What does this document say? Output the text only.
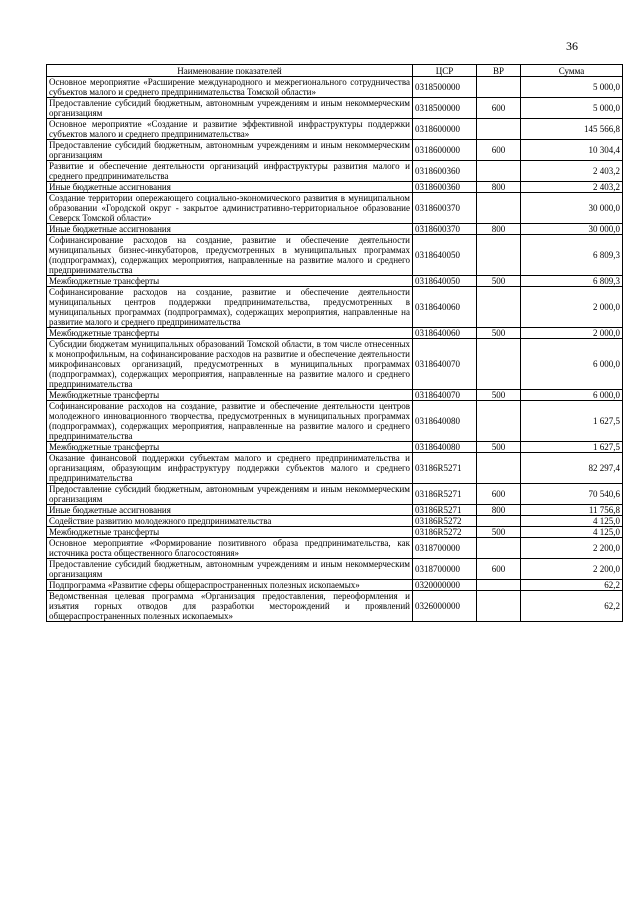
36
Наименование показателей	ЦСР	ВР	Сумма
Основное мероприятие «Расширение международного и межрегионального сотрудничества субъектов малого и среднего предпринимательства Томской области»	0318500000		5 000,0
Предоставление субсидий бюджетным, автономным учреждениям и иным некоммерческим организациям	0318500000	600	5 000,0
Основное мероприятие «Создание и развитие эффективной инфраструктуры поддержки субъектов малого и среднего предпринимательства»	0318600000		145 566,8
Предоставление субсидий бюджетным, автономным учреждениям и иным некоммерческим организациям	0318600000	600	10 304,4
Развитие и обеспечение деятельности организаций инфраструктуры развития малого и среднего предпринимательства	0318600360		2 403,2
Иные бюджетные ассигнования	0318600360	800	2 403,2
Создание территории опережающего социально-экономического развития в муниципальном образовании «Городской округ - закрытое административно-территориальное образование Северск Томской области»	0318600370		30 000,0
Иные бюджетные ассигнования	0318600370	800	30 000,0
Софинансирование расходов на создание, развитие и обеспечение деятельности муниципальных бизнес-инкубаторов, предусмотренных в муниципальных программах (подпрограммах), содержащих мероприятия, направленные на развитие малого и среднего предпринимательства	0318640050		6 809,3
Межбюджетные трансферты	0318640050	500	6 809,3
Софинансирование расходов на создание, развитие и обеспечение деятельности муниципальных центров поддержки предпринимательства, предусмотренных в муниципальных программах (подпрограммах), содержащих мероприятия, направленные на развитие малого и среднего предпринимательства	0318640060		2 000,0
Межбюджетные трансферты	0318640060	500	2 000,0
Субсидии бюджетам муниципальных образований Томской области, в том числе отнесенных к монопрофильным, на софинансирование расходов на развитие и обеспечение деятельности микрофинансовых организаций, предусмотренных в муниципальных программах (подпрограммах), содержащих мероприятия, направленные на развитие малого и среднего предпринимательства	0318640070		6 000,0
Межбюджетные трансферты	0318640070	500	6 000,0
Софинансирование расходов на создание, развитие и обеспечение деятельности центров молодежного инновационного творчества, предусмотренных в муниципальных программах (подпрограммах), содержащих мероприятия, направленные на развитие малого и среднего предпринимательства	0318640080		1 627,5
Межбюджетные трансферты	0318640080	500	1 627,5
Оказание финансовой поддержки субъектам малого и среднего предпринимательства и организациям, образующим инфраструктуру поддержки субъектов малого и среднего предпринимательства	03186R5271		82 297,4
Предоставление субсидий бюджетным, автономным учреждениям и иным некоммерческим организациям	03186R5271	600	70 540,6
Иные бюджетные ассигнования	03186R5271	800	11 756,8
Содействие развитию молодежного предпринимательства	03186R5272		4 125,0
Межбюджетные трансферты	03186R5272	500	4 125,0
Основное мероприятие «Формирование позитивного образа предпринимательства, как источника роста общественного благосостояния»	0318700000		2 200,0
Предоставление субсидий бюджетным, автономным учреждениям и иным некоммерческим организациям	0318700000	600	2 200,0
Подпрограмма «Развитие сферы общераспространенных полезных ископаемых»	0320000000		62,2
Ведомственная целевая программа «Организация предоставления, переоформления и изъятия горных отводов для разработки месторождений и проявлений общераспространенных полезных ископаемых»	0326000000		62,2
